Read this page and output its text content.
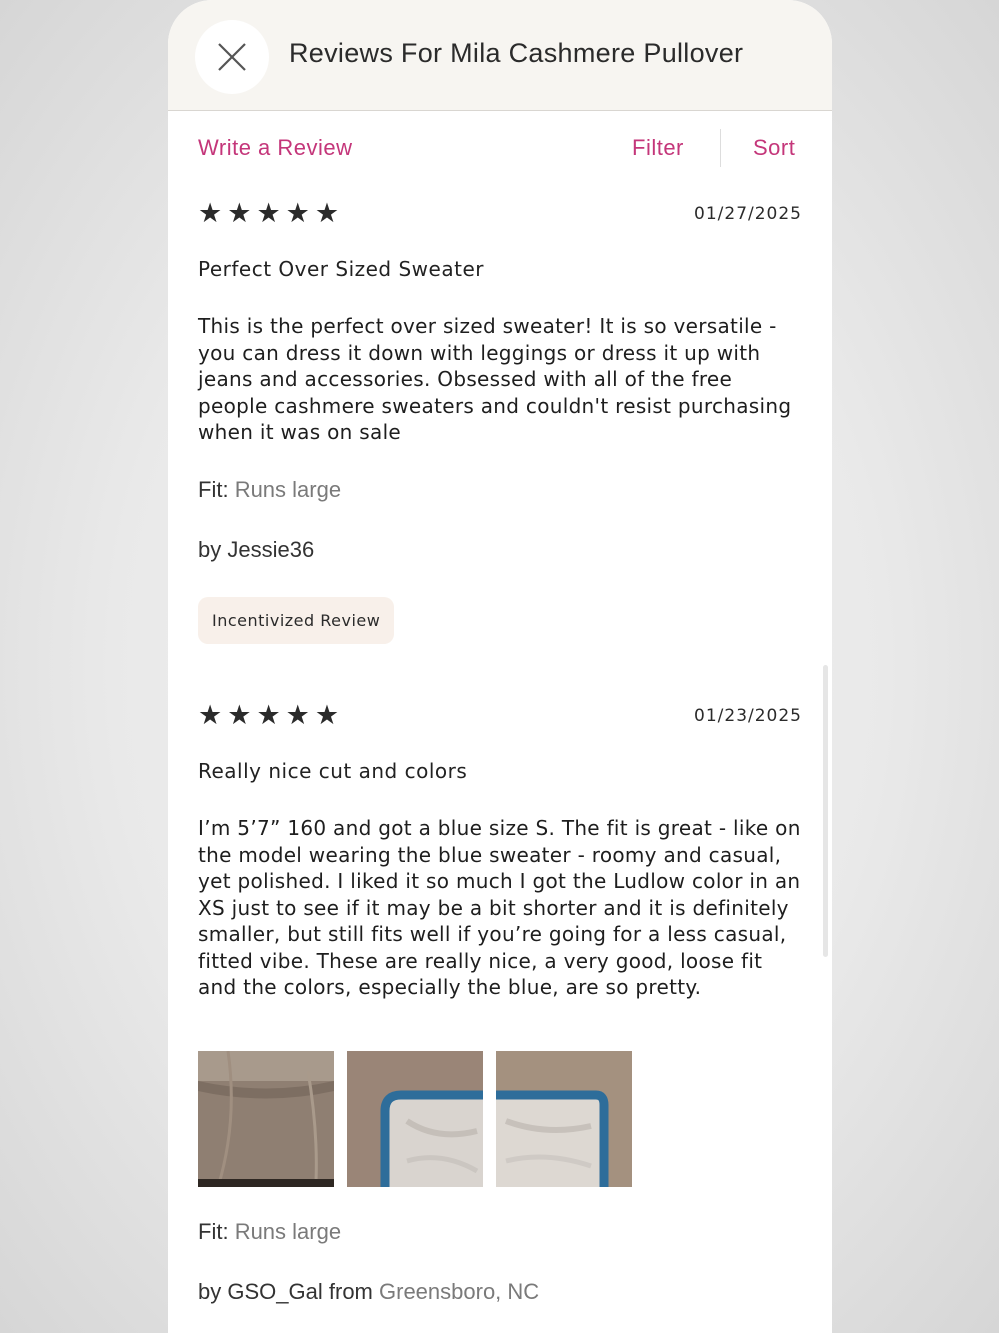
Reviews For Mila Cashmere Pullover
Write a Review	Filter	Sort
★ ★ ★ ★ ★	01/27/2025
Perfect Over Sized Sweater
This is the perfect over sized sweater! It is so versatile - you can dress it down with leggings or dress it up with jeans and accessories. Obsessed with all of the free people cashmere sweaters and couldn't resist purchasing when it was on sale
Fit: Runs large
by Jessie36
Incentivized Review
★ ★ ★ ★ ★	01/23/2025
Really nice cut and colors
I’m 5’7” 160 and got a blue size S. The fit is great - like on the model wearing the blue sweater - roomy and casual, yet polished. I liked it so much I got the Ludlow color in an XS just to see if it may be a bit shorter and it is definitely smaller, but still fits well if you’re going for a less casual, fitted vibe. These are really nice, a very good, loose fit and the colors, especially the blue, are so pretty.
Fit: Runs large
by GSO_Gal from Greensboro, NC
